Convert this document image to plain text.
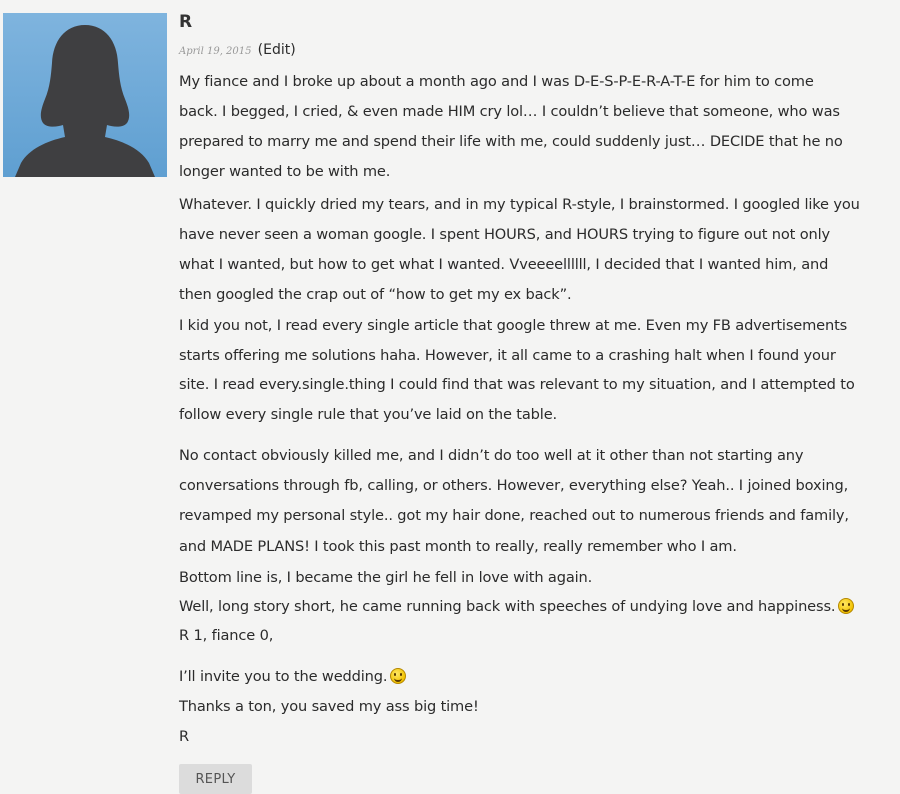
R
April 19, 2015 (Edit)
My fiance and I broke up about a month ago and I was D-E-S-P-E-R-A-T-E for him to come
back. I begged, I cried, & even made HIM cry lol… I couldn’t believe that someone, who was
prepared to marry me and spend their life with me, could suddenly just… DECIDE that he no
longer wanted to be with me.
Whatever. I quickly dried my tears, and in my typical R-style, I brainstormed. I googled like you
have never seen a woman google. I spent HOURS, and HOURS trying to figure out not only
what I wanted, but how to get what I wanted. Vveeeellllll, I decided that I wanted him, and
then googled the crap out of “how to get my ex back”.
I kid you not, I read every single article that google threw at me. Even my FB advertisements
starts offering me solutions haha. However, it all came to a crashing halt when I found your
site. I read every.single.thing I could find that was relevant to my situation, and I attempted to
follow every single rule that you’ve laid on the table.
No contact obviously killed me, and I didn’t do too well at it other than not starting any
conversations through fb, calling, or others. However, everything else? Yeah.. I joined boxing,
revamped my personal style.. got my hair done, reached out to numerous friends and family,
and MADE PLANS! I took this past month to really, really remember who I am.
Bottom line is, I became the girl he fell in love with again.
Well, long story short, he came running back with speeches of undying love and happiness.
R 1, fiance 0,
I’ll invite you to the wedding.
Thanks a ton, you saved my ass big time!
R
REPLY
